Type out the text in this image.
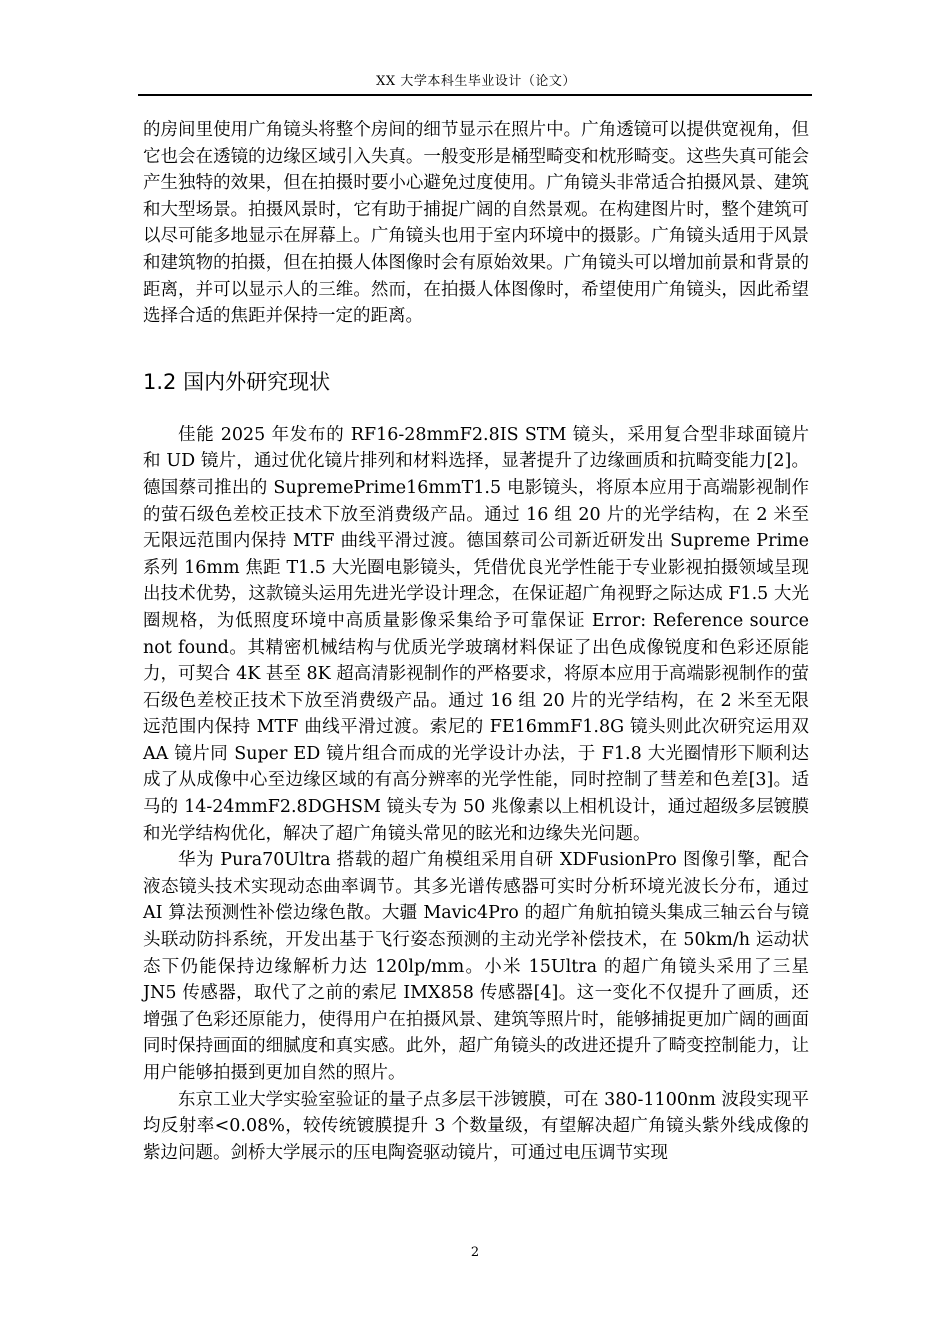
XX 大学本科生毕业设计（论文）

的房间里使用广角镜头将整个房间的细节显示在照片中。广角透镜可以提供宽视角，但它也会在透镜的边缘区域引入失真。一般变形是桶型畸变和枕形畸变。这些失真可能会产生独特的效果，但在拍摄时要小心避免过度使用。广角镜头非常适合拍摄风景、建筑和大型场景。拍摄风景时，它有助于捕捉广阔的自然景观。在构建图片时，整个建筑可以尽可能多地显示在屏幕上。广角镜头也用于室内环境中的摄影。广角镜头适用于风景和建筑物的拍摄，但在拍摄人体图像时会有原始效果。广角镜头可以增加前景和背景的距离，并可以显示人的三维。然而，在拍摄人体图像时，希望使用广角镜头，因此希望选择合适的焦距并保持一定的距离。

1.2 国内外研究现状

佳能 2025 年发布的 RF16-28mmF2.8IS STM 镜头，采用复合型非球面镜片和 UD 镜片，通过优化镜片排列和材料选择，显著提升了边缘画质和抗畸变能力[2]。德国蔡司推出的 SupremePrime16mmT1.5 电影镜头，将原本应用于高端影视制作的萤石级色差校正技术下放至消费级产品。通过 16 组 20 片的光学结构，在 2 米至无限远范围内保持 MTF 曲线平滑过渡。德国蔡司公司新近研发出 Supreme Prime 系列 16mm 焦距 T1.5 大光圈电影镜头，凭借优良光学性能于专业影视拍摄领域呈现出技术优势，这款镜头运用先进光学设计理念，在保证超广角视野之际达成 F1.5 大光圈规格，为低照度环境中高质量影像采集给予可靠保证 Error: Reference source not found。其精密机械结构与优质光学玻璃材料保证了出色成像锐度和色彩还原能力，可契合 4K 甚至 8K 超高清影视制作的严格要求，将原本应用于高端影视制作的萤石级色差校正技术下放至消费级产品。通过 16 组 20 片的光学结构，在 2 米至无限远范围内保持 MTF 曲线平滑过渡。索尼的 FE16mmF1.8G 镜头则此次研究运用双 AA 镜片同 Super ED 镜片组合而成的光学设计办法，于 F1.8 大光圈情形下顺利达成了从成像中心至边缘区域的有高分辨率的光学性能，同时控制了彗差和色差[3]。适马的 14-24mmF2.8DGHSM 镜头专为 50 兆像素以上相机设计，通过超级多层镀膜和光学结构优化，解决了超广角镜头常见的眩光和边缘失光问题。

华为 Pura70Ultra 搭载的超广角模组采用自研 XDFusionPro 图像引擎，配合液态镜头技术实现动态曲率调节。其多光谱传感器可实时分析环境光波长分布，通过 AI 算法预测性补偿边缘色散。大疆 Mavic4Pro 的超广角航拍镜头集成三轴云台与镜头联动防抖系统，开发出基于飞行姿态预测的主动光学补偿技术，在 50km/h 运动状态下仍能保持边缘解析力达 120lp/mm。小米 15Ultra 的超广角镜头采用了三星 JN5 传感器，取代了之前的索尼 IMX858 传感器[4]。这一变化不仅提升了画质，还增强了色彩还原能力，使得用户在拍摄风景、建筑等照片时，能够捕捉更加广阔的画面同时保持画面的细腻度和真实感。此外，超广角镜头的改进还提升了畸变控制能力，让用户能够拍摄到更加自然的照片。

东京工业大学实验室验证的量子点多层干涉镀膜，可在 380-1100nm 波段实现平均反射率<0.08%，较传统镀膜提升 3 个数量级，有望解决超广角镜头紫外线成像的紫边问题。剑桥大学展示的压电陶瓷驱动镜片，可通过电压调节实现

2
